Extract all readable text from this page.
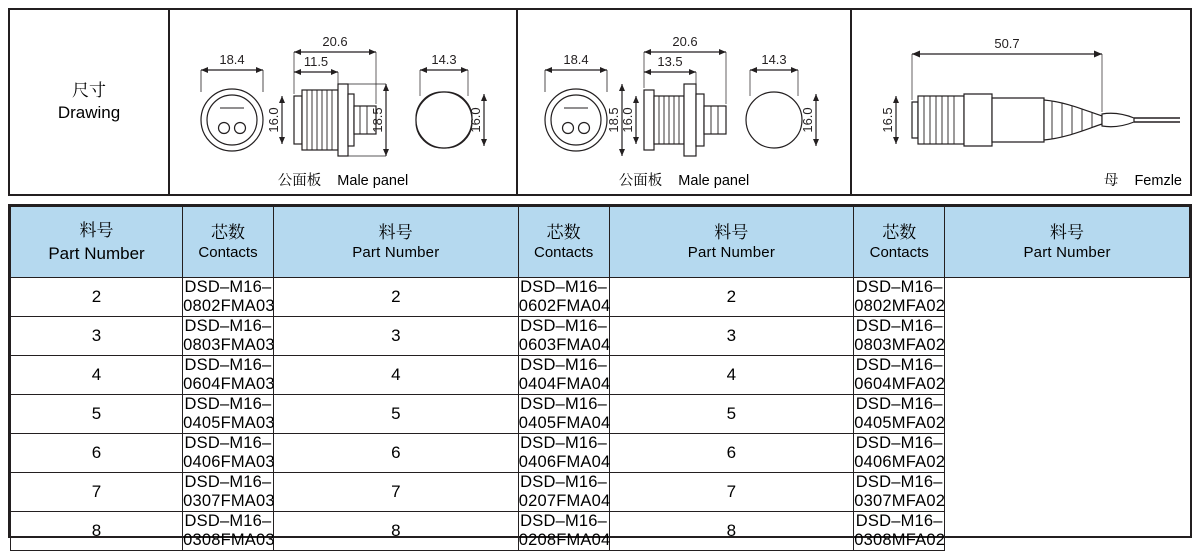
尺寸
Drawing
18.4
20.6
11.5
16.0	18.5
14.3
16.0
公面板 Male panel
18.4
20.6
13.5
18.5 16.0
14.3
16.0
公面板 Male panel
50.7
16.5
母 Femzle
料号
Part Number	芯数
Contacts	料号
Part Number	芯数
Contacts	料号
Part Number	芯数
Contacts	料号
Part Number

2	DSD–M16–0802FMA03	2	DSD–M16–0602FMA04	2	DSD–M16–0802MFA02	
3	DSD–M16–0803FMA03	3	DSD–M16–0603FMA04	3	DSD–M16–0803MFA02	
4	DSD–M16–0604FMA03	4	DSD–M16–0404FMA04	4	DSD–M16–0604MFA02	
5	DSD–M16–0405FMA03	5	DSD–M16–0405FMA04	5	DSD–M16–0405MFA02	
6	DSD–M16–0406FMA03	6	DSD–M16–0406FMA04	6	DSD–M16–0406MFA02	
7	DSD–M16–0307FMA03	7	DSD–M16–0207FMA04	7	DSD–M16–0307MFA02	
8	DSD–M16–0308FMA03	8	DSD–M16–0208FMA04	8	DSD–M16–0308MFA02	
